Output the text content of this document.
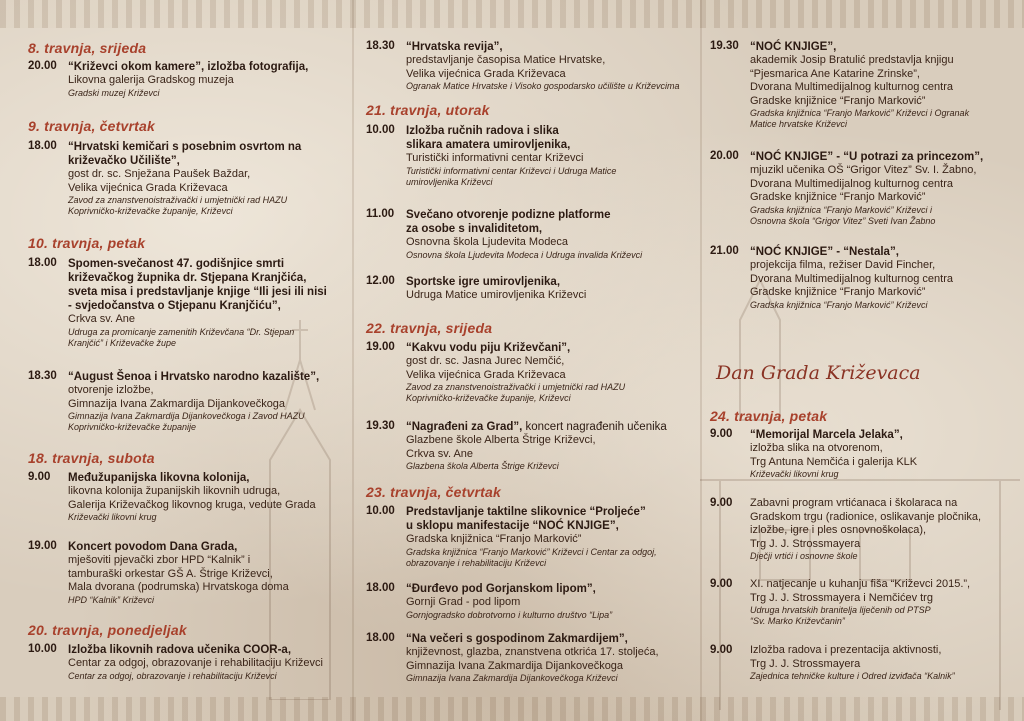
8. travnja, srijeda
20.00 “Križevci okom kamere”, izložba fotografija,
Likovna galerija Gradskog muzeja
Gradski muzej Križevci
9. travnja, četvrtak
18.00 “Hrvatski kemičari s posebnim osvrtom na
križevačko Učilište”,
gost dr. sc. Snježana Paušek Baždar,
Velika vijećnica Grada Križevaca
Zavod za znanstvenoistraživački i umjetnički rad HAZU
Koprivničko-križevačke županije, Križevci
10. travnja, petak
18.00 Spomen-svečanost 47. godišnjice smrti
križevačkog župnika dr. Stjepana Kranjčića,
sveta misa i predstavljanje knjige “Ili jesi ili nisi
- svjedočanstva o Stjepanu Kranjčiću”,
Crkva sv. Ane
Udruga za promicanje zamenitih Križevčana “Dr. Stjepan
Kranjčić” i Križevačke župe
18.30 “August Šenoa i Hrvatsko narodno kazalište”,
otvorenje izložbe,
Gimnazija Ivana Zakmardija Dijankovečkoga
Gimnazija Ivana Zakmardija Dijankovečkoga i Zavod HAZU
Koprivničko-križevačke županije
18. travnja, subota
9.00	Međužupanijska likovna kolonija,
likovna kolonija županijskih likovnih udruga,
Galerija Križevačkog likovnog kruga, vedute Grada
Križevački likovni krug
19.00 Koncert povodom Dana Grada,
mješoviti pjevački zbor HPD “Kalnik” i
tamburaški orkestar GŠ A. Štrige Križevci,
Mala dvorana (podrumska) Hrvatskoga doma
HPD “Kalnik” Križevci
20. travnja, ponedjeljak
10.00 Izložba likovnih radova učenika COOR-a,
Centar za odgoj, obrazovanje i rehabilitaciju Križevci
Centar za odgoj, obrazovanje i rehabilitaciju Križevci
18.30 “Hrvatska revija”,
predstavljanje časopisa Matice Hrvatske,
Velika vijećnica Grada Križevaca
Ogranak Matice Hrvatske i Visoko gospodarsko učilište u Križevcima
21. travnja, utorak
10.00 Izložba ručnih radova i slika
slikara amatera umirovljenika,
Turistički informativni centar Križevci
Turistički informativni centar Križevci i Udruga Matice
umirovljenika Križevci
11.00	Svečano otvorenje podizne platforme
za osobe s invaliditetom,
Osnovna škola Ljudevita Modeca
Osnovna škola Ljudevita Modeca i Udruga invalida Križevci
12.00 Sportske igre umirovljenika,
Udruga Matice umirovljenika Križevci
22. travnja, srijeda
19.00 “Kakvu vodu piju Križevčani”,
gost dr. sc. Jasna Jurec Nemčić,
Velika vijećnica Grada Križevaca
Zavod za znanstvenoistraživački i umjetnički rad HAZU
Koprivničko-križevačke županije, Križevci
19.30 “Nagrađeni za Grad”, koncert nagrađenih učenika
Glazbene škole Alberta Štrige Križevci,
Crkva sv. Ane
Glazbena škola Alberta Štrige Križevci
23. travnja, četvrtak
10.00 Predstavljanje taktilne slikovnice “Proljeće”
u sklopu manifestacije “NOĆ KNJIGE”,
Gradska knjižnica “Franjo Marković”
Gradska knjižnica “Franjo Marković” Križevci i Centar za odgoj,
obrazovanje i rehabilitaciju Križevci
18.00 “Đurđevo pod Gorjanskom lipom”,
Gornji Grad - pod lipom
Gornjogradsko dobrotvorno i kulturno društvo “Lipa”
18.00 “Na večeri s gospodinom Zakmardijem”,
književnost, glazba, znanstvena otkrića 17. stoljeća,
Gimnazija Ivana Zakmardija Dijankovečkoga
Gimnazija Ivana Zakmardija Dijankovečkoga Križevci
19.30 “NOĆ KNJIGE”,
akademik Josip Bratulić predstavlja knjigu
“Pjesmarica Ane Katarine Zrinske”,
Dvorana Multimedijalnog kulturnog centra
Gradske knjižnice “Franjo Marković”
Gradska knjižnica “Franjo Marković” Križevci i Ogranak
Matice hrvatske Križevci
20.00 “NOĆ KNJIGE” - “U potrazi za princezom”,
mjuzikl učenika OŠ “Grigor Vitez” Sv. I. Žabno,
Dvorana Multimedijalnog kulturnog centra
Gradske knjižnice “Franjo Marković”
Gradska knjižnica “Franjo Marković” Križevci i
Osnovna škola “Grigor Vitez” Sveti Ivan Žabno
21.00 “NOĆ KNJIGE” - “Nestala”,
projekcija filma, režiser David Fincher,
Dvorana Multimedijalnog kulturnog centra
Gradske knjižnice “Franjo Marković”
Gradska knjižnica “Franjo Marković” Križevci
Dan Grada Križevaca
24. travnja, petak
9.00	“Memorijal Marcela Jelaka”,
izložba slika na otvorenom,
Trg Antuna Nemčića i galerija KLK
Križevački likovni krug
9.00	Zabavni program vrtićanaca i školaraca na
Gradskom trgu (radionice, oslikavanje pločnika,
izložbe, igre i ples osnovnoškolaca),
Trg J. J. Strossmayera
Dječji vrtići i osnovne škole
9.00	XI. natjecanje u kuhanju fiša “Križevci 2015.”,
Trg J. J. Strossmayera i Nemčićev trg
Udruga hrvatskih branitelja liječenih od PTSP
“Sv. Marko Križevčanin”
9.00	Izložba radova i prezentacija aktivnosti,
Trg J. J. Strossmayera
Zajednica tehničke kulture i Odred izviđača “Kalnik”
